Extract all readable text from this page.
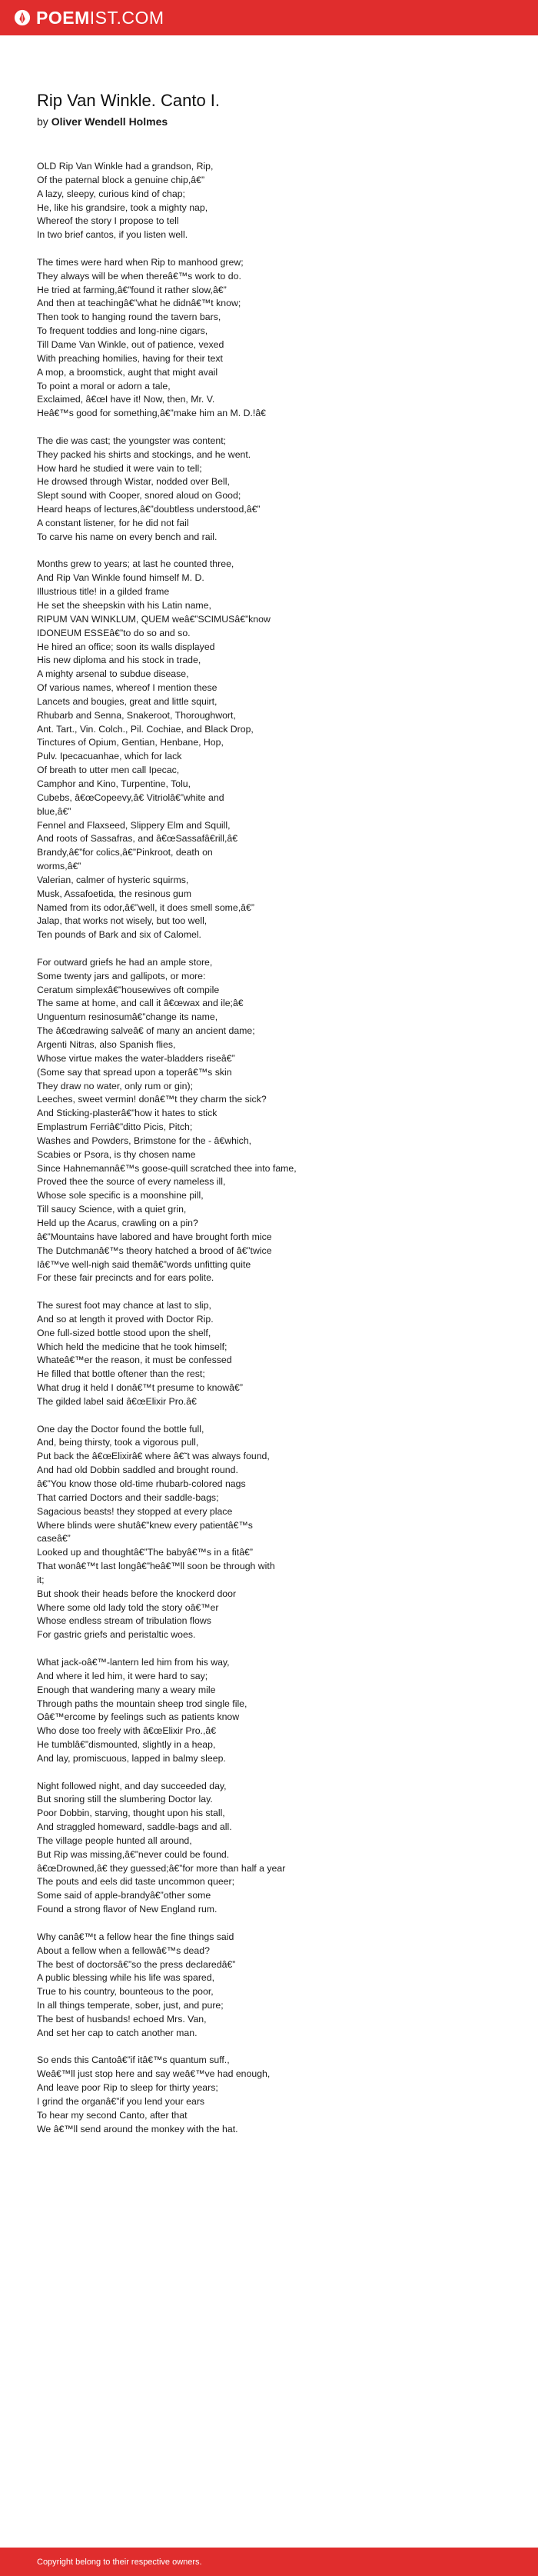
POEMIST.COM
Rip Van Winkle. Canto I.
by Oliver Wendell Holmes
OLD Rip Van Winkle had a grandson, Rip,
Of the paternal block a genuine chip,â€”
A lazy, sleepy, curious kind of chap;
He, like his grandsire, took a mighty nap,
Whereof the story I propose to tell
In two brief cantos, if you listen well.
The times were hard when Rip to manhood grew;
They always will be when thereâ€™s work to do.
He tried at farming,â€”found it rather slow,â€”
And then at teachingâ€”what he didnâ€™t know;
Then took to hanging round the tavern bars,
To frequent toddies and long-nine cigars,
Till Dame Van Winkle, out of patience, vexed
With preaching homilies, having for their text
A mop, a broomstick, aught that might avail
To point a moral or adorn a tale,
Exclaimed, â€œI have it! Now, then, Mr. V.
Heâ€™s good for something,â€”make him an M. D.!â€
The die was cast; the youngster was content;
They packed his shirts and stockings, and he went.
How hard he studied it were vain to tell;
He drowsed through Wistar, nodded over Bell,
Slept sound with Cooper, snored aloud on Good;
Heard heaps of lectures,â€”doubtless understood,â€”
A constant listener, for he did not fail
To carve his name on every bench and rail.
Months grew to years; at last he counted three,
And Rip Van Winkle found himself M. D.
Illustrious title! in a gilded frame
He set the sheepskin with his Latin name,
RIPUM VAN WINKLUM, QUEM weâ€”SCIMUSâ€”know
IDONEUM ESSEâ€”to do so and so.
He hired an office; soon its walls displayed
His new diploma and his stock in trade,
A mighty arsenal to subdue disease,
Of various names, whereof I mention these
Lancets and bougies, great and little squirt,
Rhubarb and Senna, Snakeroot, Thoroughwort,
Ant. Tart., Vin. Colch., Pil. Cochiae, and Black Drop,
Tinctures of Opium, Gentian, Henbane, Hop,
Pulv. Ipecacuanhae, which for lack
Of breath to utter men call Ipecac,
Camphor and Kino, Turpentine, Tolu,
Cubebs, â€œCopeevy,â€ Vitriolâ€”white and
blue,â€”
Fennel and Flaxseed, Slippery Elm and Squill,
And roots of Sassafras, and â€œSassafâ€rill,â€
Brandy,â€”for colics,â€”Pinkroot, death on
worms,â€”
Valerian, calmer of hysteric squirms,
Musk, Assafoetida, the resinous gum
Named from its odor,â€”well, it does smell some,â€”
Jalap, that works not wisely, but too well,
Ten pounds of Bark and six of Calomel.
For outward griefs he had an ample store,
Some twenty jars and gallipots, or more:
Ceratum simplexâ€”housewives oft compile
The same at home, and call it â€œwax and ile;â€
Unguentum resinosumâ€”change its name,
The â€œdrawing salveâ€ of many an ancient dame;
Argenti Nitras, also Spanish flies,
Whose virtue makes the water-bladders riseâ€”
(Some say that spread upon a toperâ€™s skin
They draw no water, only rum or gin);
Leeches, sweet vermin! donâ€™t they charm the sick?
And Sticking-plasterâ€”how it hates to stick
Emplastrum Ferriâ€”ditto Picis, Pitch;
Washes and Powders, Brimstone for the - â€which,
Scabies or Psora, is thy chosen name
Since Hahnemannâ€™s goose-quill scratched thee into fame,
Proved thee the source of every nameless ill,
Whose sole specific is a moonshine pill,
Till saucy Science, with a quiet grin,
Held up the Acarus, crawling on a pin?
â€”Mountains have labored and have brought forth mice
The Dutchmanâ€™s theory hatched a brood of â€”twice
Iâ€™ve well-nigh said themâ€”words unfitting quite
For these fair precincts and for ears polite.
The surest foot may chance at last to slip,
And so at length it proved with Doctor Rip.
One full-sized bottle stood upon the shelf,
Which held the medicine that he took himself;
Whateâ€™er the reason, it must be confessed
He filled that bottle oftener than the rest;
What drug it held I donâ€™t presume to knowâ€”
The gilded label said â€œElixir Pro.â€
One day the Doctor found the bottle full,
And, being thirsty, took a vigorous pull,
Put back the â€œElixirâ€ where â€˜t was always found,
And had old Dobbin saddled and brought round.
â€”You know those old-time rhubarb-colored nags
That carried Doctors and their saddle-bags;
Sagacious beasts! they stopped at every place
Where blinds were shutâ€”knew every patientâ€™s
caseâ€”
Looked up and thoughtâ€”The babyâ€™s in a fitâ€”
That wonâ€™t last longâ€”heâ€™ll soon be through with
it;
But shook their heads before the knockerd door
Where some old lady told the story oâ€™er
Whose endless stream of tribulation flows
For gastric griefs and peristaltic woes.
What jack-oâ€™-lantern led him from his way,
And where it led him, it were hard to say;
Enough that wandering many a weary mile
Through paths the mountain sheep trod single file,
Oâ€™ercome by feelings such as patients know
Who dose too freely with â€œElixir Pro.,â€
He tumblâ€”dismounted, slightly in a heap,
And lay, promiscuous, lapped in balmy sleep.
Night followed night, and day succeeded day,
But snoring still the slumbering Doctor lay.
Poor Dobbin, starving, thought upon his stall,
And straggled homeward, saddle-bags and all.
The village people hunted all around,
But Rip was missing,â€”never could be found.
â€œDrowned,â€ they guessed;â€”for more than half a year
The pouts and eels did taste uncommon queer;
Some said of apple-brandyâ€”other some
Found a strong flavor of New England rum.
Why canâ€™t a fellow hear the fine things said
About a fellow when a fellowâ€™s dead?
The best of doctorsâ€”so the press declaredâ€”
A public blessing while his life was spared,
True to his country, bounteous to the poor,
In all things temperate, sober, just, and pure;
The best of husbands! echoed Mrs. Van,
And set her cap to catch another man.
So ends this Cantoâ€”if itâ€™s quantum suff.,
Weâ€™ll just stop here and say weâ€™ve had enough,
And leave poor Rip to sleep for thirty years;
I grind the organâ€”if you lend your ears
To hear my second Canto, after that
We â€™ll send around the monkey with the hat.
Copyright belong to their respective owners.
